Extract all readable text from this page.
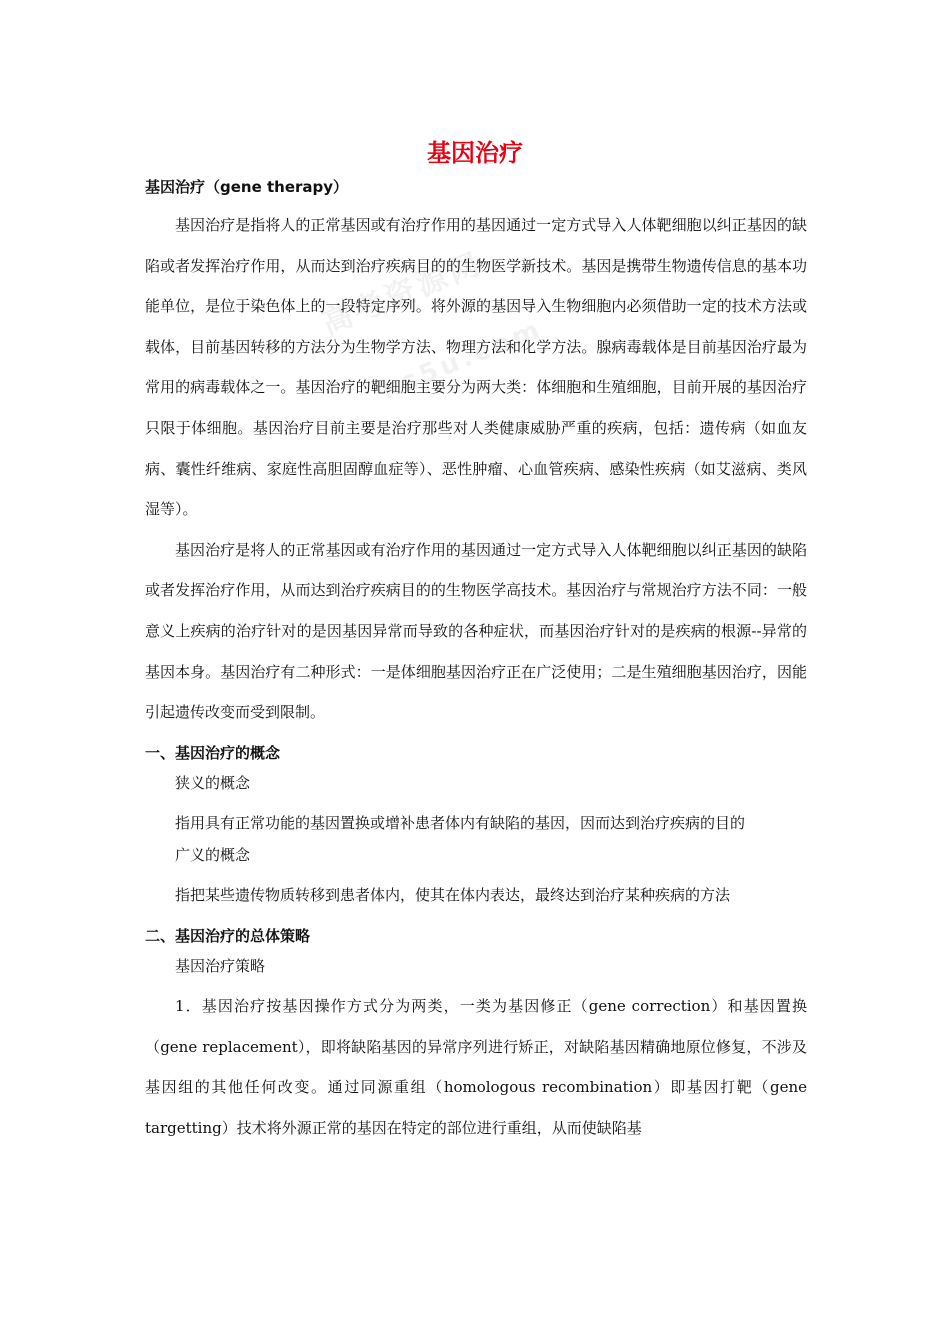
高考资源网
ks5u.com
基因治疗
基因治疗（gene therapy）

基因治疗是指将人的正常基因或有治疗作用的基因通过一定方式导入人体靶细胞以纠正基因的缺陷或者发挥治疗作用，从而达到治疗疾病目的的生物医学新技术。基因是携带生物遗传信息的基本功能单位，是位于染色体上的一段特定序列。将外源的基因导入生物细胞内必须借助一定的技术方法或载体，目前基因转移的方法分为生物学方法、物理方法和化学方法。腺病毒载体是目前基因治疗最为常用的病毒载体之一。基因治疗的靶细胞主要分为两大类：体细胞和生殖细胞，目前开展的基因治疗只限于体细胞。基因治疗目前主要是治疗那些对人类健康威胁严重的疾病，包括：遗传病（如血友病、囊性纤维病、家庭性高胆固醇血症等）、恶性肿瘤、心血管疾病、感染性疾病（如艾滋病、类风湿等）。

基因治疗是将人的正常基因或有治疗作用的基因通过一定方式导入人体靶细胞以纠正基因的缺陷或者发挥治疗作用，从而达到治疗疾病目的的生物医学高技术。基因治疗与常规治疗方法不同：一般意义上疾病的治疗针对的是因基因异常而导致的各种症状，而基因治疗针对的是疾病的根源--异常的基因本身。基因治疗有二种形式：一是体细胞基因治疗正在广泛使用；二是生殖细胞基因治疗，因能引起遗传改变而受到限制。

一、基因治疗的概念
狭义的概念

指用具有正常功能的基因置换或增补患者体内有缺陷的基因，因而达到治疗疾病的目的

广义的概念

指把某些遗传物质转移到患者体内，使其在体内表达，最终达到治疗某种疾病的方法

二、基因治疗的总体策略
基因治疗策略

1．基因治疗按基因操作方式分为两类，一类为基因修正（gene correction）和基因置换（gene replacement），即将缺陷基因的异常序列进行矫正，对缺陷基因精确地原位修复，不涉及基因组的其他任何改变。通过同源重组（homologous recombination）即基因打靶（gene targetting）技术将外源正常的基因在特定的部位进行重组，从而使缺陷基
